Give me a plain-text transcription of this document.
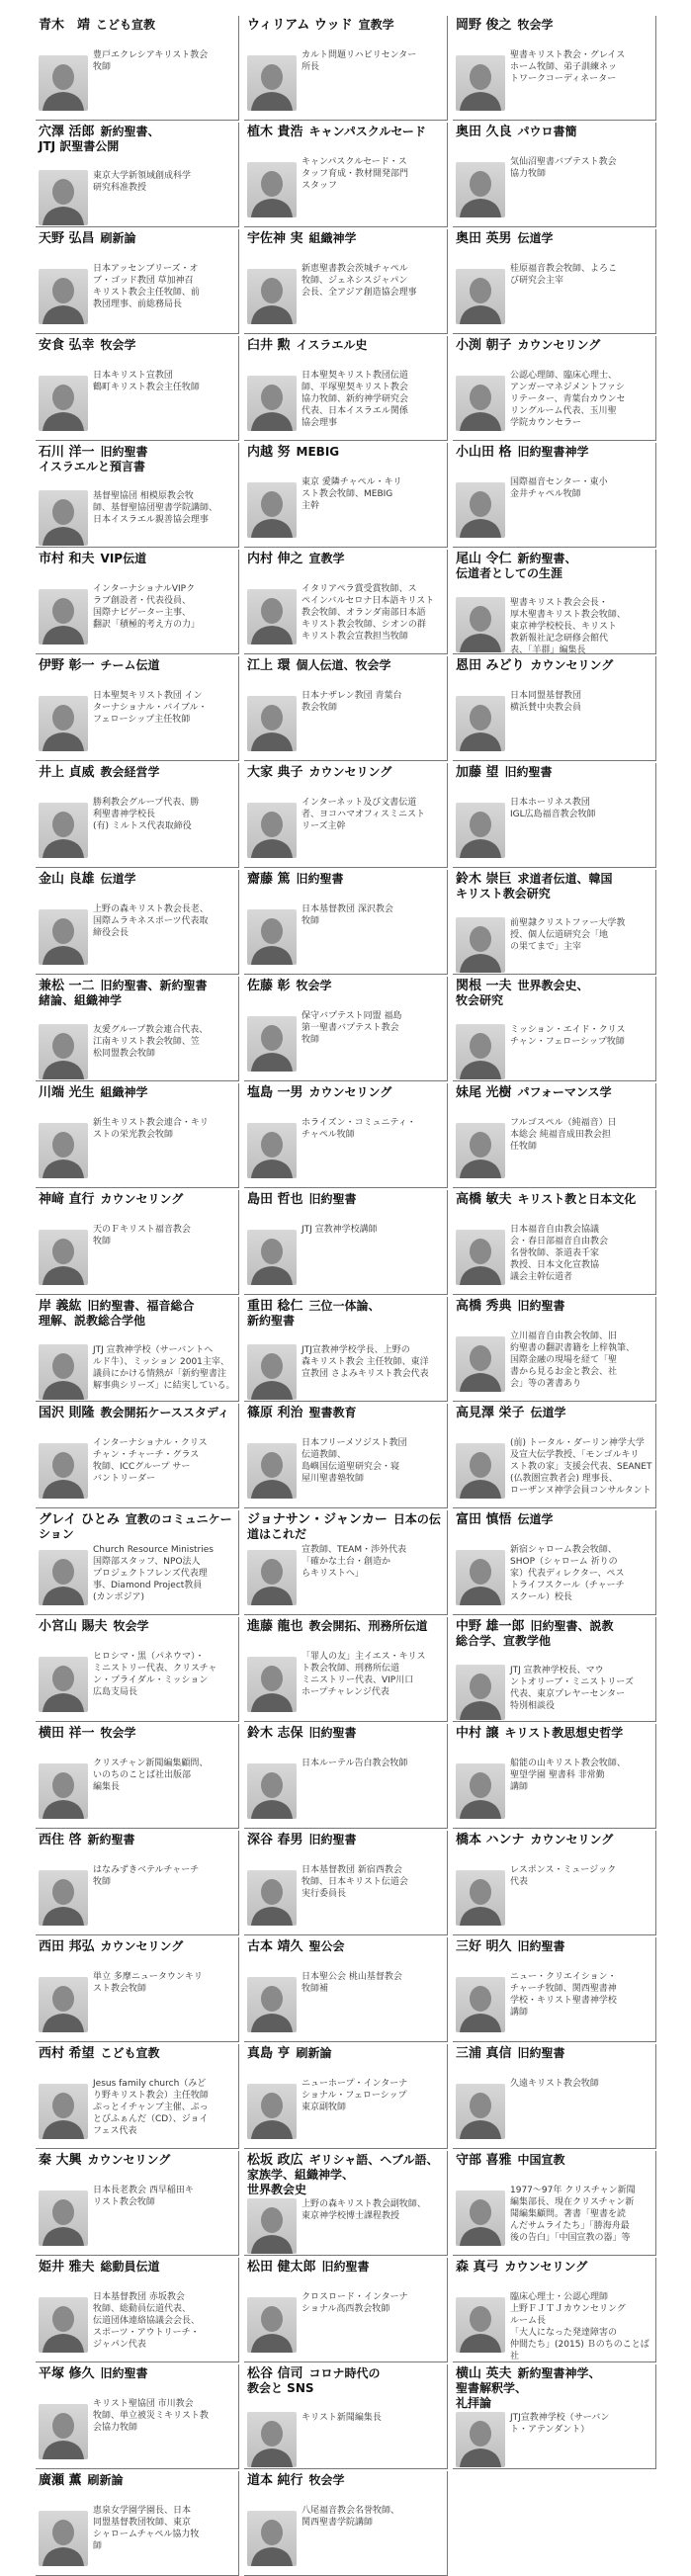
青木　靖 こども宣教
豊戸エクレシアキリスト教会
牧師
ウィリアム ウッド 宣教学
カルト問題リハビリセンター
所長
岡野 俊之 牧会学
聖書キリスト教会・グレイス
ホーム牧師、弟子訓練ネッ
トワークコーディネーター
穴澤 活郎 新約聖書、
JTJ 訳聖書公開
東京大学新領域創成科学
研究科准教授
植木 貴浩 キャンパスクルセード
キャンパスクルセード・ス
タッフ育成・教材開発部門
スタッフ
奥田 久良 パウロ書簡
気仙沼聖書バプテスト教会
協力牧師
天野 弘昌 刷新論
日本アッセンブリーズ・オ
ブ・ゴッド教団 草加神召
キリスト教会主任牧師、前
教団理事、前総務局長
宇佐神 実 組織神学
新恵聖書教会茨城チャペル
牧師、ジェネシスジャパン
会長、全アジア創造協会理事
奥田 英男 伝道学
桂原福音教会牧師、よろこ
び研究会主宰
安食 弘幸 牧会学
日本キリスト宣教団
鶴町キリスト教会主任牧師
臼井 勲 イスラエル史
日本聖契キリスト教団伝道
師、平塚聖契キリスト教会
協力牧師、新約神学研究会
代表、日本イスラエル関係
協会理事
小渕 朝子 カウンセリング
公認心理師、臨床心理士、
アンガーマネジメントファシ
リテーター、青葉台カウンセ
リングルーム代表、玉川聖
学院カウンセラー
石川 洋一 旧約聖書
イスラエルと預言書
基督聖協団 相模原教会牧
師、基督聖協団聖書学院講師、
日本イスラエル親善協会理事
内越 努 MEBIG
東京 愛隣チャペル・キリ
スト教会牧師、MEBIG
主幹
小山田 格 旧約聖書神学
国際福音センター・東小
金井チャペル牧師
市村 和夫 VIP伝道
インターナショナルVIPク
ラブ創設者・代表役員、
国際ナビゲーター主事、
翻訳「積極的考え方の力」
内村 伸之 宣教学
イタリアペラ賞受賞牧師、ス
ペインバルセロナ日本語キリスト
教会牧師、オランダ南部日本語
キリスト教会牧師、シオンの群
キリスト教会宣教担当牧師
尾山 令仁 新約聖書、
伝道者としての生涯
聖書キリスト教会会長・
厚木聖書キリスト教会牧師、
東京神学校校長、キリスト
教新報社記念研修会館代
表、「羊群」編集長
伊野 彰一 チーム伝道
日本聖契キリスト教団 イン
ターナショナル・バイブル・
フェローシップ主任牧師
江上 環 個人伝道、牧会学
日本ナザレン教団 青葉台
教会牧師
恩田 みどり カウンセリング
日本同盟基督教団
横浜賛中央教会員
井上 貞威 教会経営学
勝利教会グループ代表、勝
利聖書神学校長
(有) ミルトス代表取締役
大家 典子 カウンセリング
インターネット及び文書伝道
者、ヨコハマオフィスミニスト
リーズ主幹
加藤 望 旧約聖書
日本ホーリネス教団
IGL広島福音教会牧師
金山 良雄 伝道学
上野の森キリスト教会長老、
国際ムラキネスポーツ代表取
締役会長
齋藤 篤 旧約聖書
日本基督教団 深沢教会
牧師
鈴木 崇巨 求道者伝道、韓国
キリスト教会研究
前聖隷クリストファー大学教
授、個人伝道研究会「地
の果てまで」主宰
兼松 一二 旧約聖書、新約聖書
緒論、組織神学
友愛グループ教会連合代表、
江南キリスト教会牧師、笠
松同盟教会牧師
佐藤 彰 牧会学
保守バプテスト同盟 福島
第一聖書バプテスト教会
牧師
関根 一夫 世界教会史、
牧会研究
ミッション・エイド・クリス
チャン・フェローシップ牧師
川端 光生 組織神学
新生キリスト教会連合・キリ
ストの栄光教会牧師
塩島 一男 カウンセリング
ホライズン・コミュニティ・
チャペル牧師
妹尾 光樹 パフォーマンス学
フルゴスペル（純福音）日
本総会 純福音成田教会担
任牧師
神﨑 直行 カウンセリング
天のＦキリスト福音教会
牧師
島田 哲也 旧約聖書
JTJ 宣教神学校講師
高橋 敏夫 キリスト教と日本文化
日本福音自由教会協議
会・春日部福音自由教会
名誉牧師、茶道表千家
教授、日本文化宣教協
議会主幹伝道者
岸 義紘 旧約聖書、福音総合
理解、説教総合学他
JTJ 宣教神学校（サーバントヘ
ルド牛）、ミッション 2001主宰、
議員にかける情熱が「新約聖書注
解事典シリーズ」に結実している。
重田 稔仁 三位一体論、
新約聖書
JTJ宣教神学校学長、上野の
森キリスト教会 主任牧師、東洋
宣教団 さよみキリスト教会代表
高橋 秀典 旧約聖書
立川福音自由教会牧師、旧
約聖書の翻訳書籍を上梓執筆、
国際金融の現場を経て「聖
書から見るお金と教会、社
会」等の著書あり
国沢 則隆 教会開拓ケーススタディ
インターナショナル・クリス
チャン・チャーチ・グラス
牧師、ICCグループ サー
バントリーダー
篠原 利治 聖書教育
日本フリーメソジスト教団
伝道教師、
島嶼国伝道聖研究会・寝
屋川聖書塾牧師
高見澤 栄子 伝道学
(前) トータル・ダーリン神学大学
及宣大伝学教授、「モンゴルキリ
スト教の家」支援会代表、SEANET
(仏教圏宣教者会) 理事長、
ローザンヌ神学会員コンサルタント
グレイ ひとみ 宣教のコミュニケーション
Church Resource Ministries
国際部スタッフ、NPO法人
プロジェクトフレンズ代表理
事、Diamond Project教員
(カンボジア)
ジョナサン・ジャンカー 日本の伝道はこれだ
宣教師、TEAM・渉外代表
「確かな土台・創造か
らキリストへ」
富田 慎悟 伝道学
新宿シャローム教会牧師、
SHOP（シャローム 祈りの
家）代表ディレクター、ペス
トライフスクール（チャーチ
スクール）校長
小宮山 賜夫 牧会学
ヒロシマ・黒（パネウマ）・
ミニストリー代表、クリスチャ
ン・プライダル・ミッション
広島支局長
進藤 龍也 教会開拓、刑務所伝道
「罪人の友」主イエス・キリス
ト教会牧師、刑務所伝道
ミニストリー代表、VIP川口
ホープチャレンジ代表
中野 雄一郎 旧約聖書、説教
総合学、宣教学他
JTJ 宣教神学校長、マウ
ントオリーブ・ミニストリーズ
代表、東京プレヤーセンター
特別相談役
横田 祥一 牧会学
クリスチャン新聞編集顧問、
いのちのことば社出版部
編集長
鈴木 志保 旧約聖書
日本ルーテル告白教会牧師
中村 譲 キリスト教思想史哲学
船能の山キリスト教会牧師、
聖望学園 聖書科 非常勤
講師
西住 啓 新約聖書
はなみずきベテルチャーチ
牧師
深谷 春男 旧約聖書
日本基督教団 新宿西教会
牧師、日本キリスト伝道会
実行委員長
橋本 ハンナ カウンセリング
レスポンス・ミュージック
代表
西田 邦弘 カウンセリング
単立 多摩ニュータウンキリ
スト教会牧師
古本 靖久 聖公会
日本聖公会 桃山基督教会
牧師補
三好 明久 旧約聖書
ニュー・クリエイション・
チャーチ牧師、関西聖書神
学校・キリスト聖書神学校
講師
西村 希望 こども宣教
Jesus family church（みど
り野キリスト教会）主任牧師
ぷっとイチャンブ主催、ぷっ
とびふぁんだ（CD）、ジョイ
フェス代表
真島 亨 刷新論
ニューホープ・インターナ
ショナル・フェローシップ
東京副牧師
三浦 真信 旧約聖書
久遠キリスト教会牧師
秦 大興 カウンセリング
日本長老教会 西早稲田キ
リスト教会牧師
松坂 政広 ギリシャ語、ヘブル語、
家族学、組織神学、
世界教会史
上野の森キリスト教会副牧師、
東京神学校博士課程教授
守部 喜雅 中国宣教
1977〜97年 クリスチャン新聞
編集部長、現在クリスチャン新
聞編集顧問。著書「聖書を読
んだサムライたち」「勝海舟最
後の告白」「中国宣教の器」等
姫井 雅夫 総動員伝道
日本基督教団 赤坂教会
牧師、総動員伝道代表、
伝道団体連絡協議会会長、
スポーツ・アウトリーチ・
ジャパン代表
松田 健太郎 旧約聖書
クロスロード・インターナ
ショナル高西教会牧師
森 真弓 カウンセリング
臨床心理士・公認心理師
上野ＦＪＴＪカウンセリング
ルーム長
「大人になった発達障害の
仲間たち」(2015) Ｂのちのことば社
平塚 修久 旧約聖書
キリスト聖協団 市川教会
牧師、単立被災ミキリスト教
会協力牧師
松谷 信司 コロナ時代の
教会と SNS
キリスト新聞編集長
横山 英夫 新約聖書神学、
聖書解釈学、
礼拝論
JTJ宣教神学校（サーバン
ト・アテンダント）
廣瀬 薫 刷新論
恵泉女学園学園長、日本
同盟基督教団牧師、東京
シャロームチャペル協力牧
師
道本 純行 牧会学
八尾福音教会名誉牧師、
関西聖書学院講師
